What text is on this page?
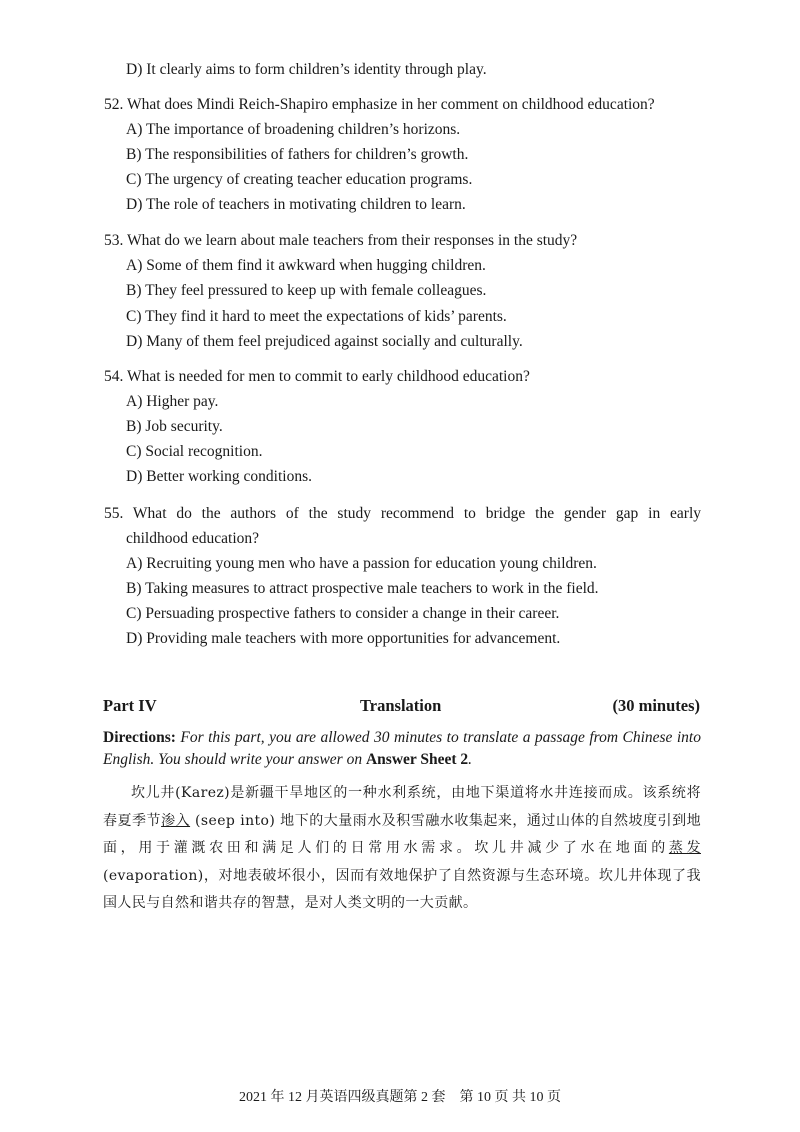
D) It clearly aims to form children’s identity through play.

52. What does Mindi Reich-Shapiro emphasize in her comment on childhood education?

A) The importance of broadening children’s horizons.

B) The responsibilities of fathers for children’s growth.

C) The urgency of creating teacher education programs.

D) The role of teachers in motivating children to learn.

53. What do we learn about male teachers from their responses in the study?

A) Some of them find it awkward when hugging children.

B) They feel pressured to keep up with female colleagues.

C) They find it hard to meet the expectations of kids’ parents.

D) Many of them feel prejudiced against socially and culturally.

54. What is needed for men to commit to early childhood education?

A) Higher pay.

B) Job security.

C) Social recognition.

D) Better working conditions.

55. What do the authors of the study recommend to bridge the gender gap in early

childhood education?

A) Recruiting young men who have a passion for education young children.

B) Taking measures to attract prospective male teachers to work in the field.

C) Persuading prospective fathers to consider a change in their career.

D) Providing male teachers with more opportunities for advancement.

Part IV	Translation	(30 minutes)
Directions: For this part, you are allowed 30 minutes to translate a passage from Chinese into English. You should write your answer on Answer Sheet 2.
坎儿井(Karez)是新疆干旱地区的一种水利系统，由地下渠道将水井连接而成。该系统将春夏季节渗入 (seep into) 地下的大量雨水及积雪融水收集起来，通过山体的自然坡度引到地面，用于灌溉农田和满足人们的日常用水需求。坎儿井减少了水在地面的蒸发 (evaporation)，对地表破坏很小，因而有效地保护了自然资源与生态环境。坎儿井体现了我国人民与自然和谐共存的智慧，是对人类文明的一大贡献。
2021 年 12 月英语四级真题第 2 套　第 10 页 共 10 页
